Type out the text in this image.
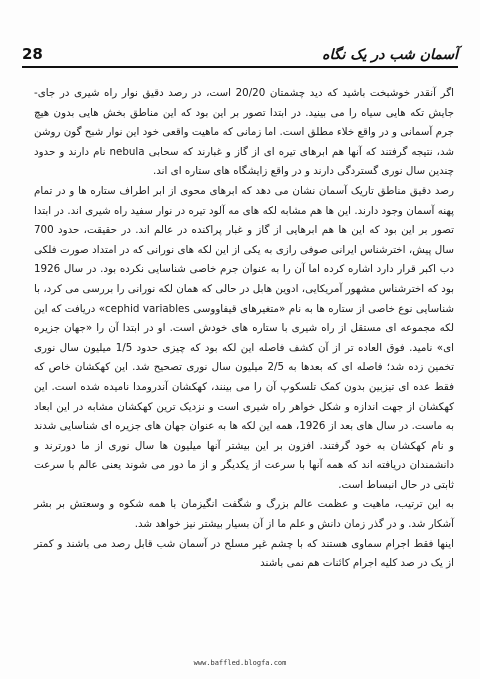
28	آسمان شب در یک نگاه

اگر آنقدر خوشبخت باشید که دید چشمتان 20/20 است، در رصد دقیق نوار راه شیری در جای- جایش تکه هایی سیاه را می بینید. در ابتدا تصور بر این بود که این مناطق بخش هایی بدون هیچ جرم آسمانی و در واقع خلاء مطلق است. اما زمانی که ماهیت واقعی خود این نوار شبح گون روشن شد، نتیجه گرفتند که آنها هم ابرهای تیره ای از گاز و غبارند که سحابی nebula نام دارند و حدود چندین سال نوری گستردگی دارند و در واقع زایشگاه های ستاره ای اند.

رصد دقیق مناطق تاریک آسمان نشان می دهد که ابرهای محوی از ابر اطراف ستاره ها و در تمام پهنه آسمان وجود دارند. این ها هم مشابه لکه های مه آلود تیره در نوار سفید راه شیری اند. در ابتدا تصور بر این بود که این ها هم ابرهایی از گاز و غبار پراکنده در عالم اند. در حقیقت، حدود 700 سال پیش، اخترشناس ایرانی صوفی رازی به یکی از این لکه های نورانی که در امتداد صورت فلکی دب اکبر قرار دارد اشاره کرده اما آن را به عنوان جرم خاصی شناسایی نکرده بود. در سال 1926 بود که اخترشناس مشهور آمریکایی، ادوین هابل در حالی که همان لکه نورانی را بررسی می کرد، با شناسایی نوع خاصی از ستاره ها به نام «متغیرهای قیفاووسی cephid variables» دریافت که این لکه مجموعه ای مستقل از راه شیری با ستاره های خودش است. او در ابتدا آن را «جهان جزیره ای» نامید. فوق العاده تر از آن کشف فاصله این لکه بود که چیزی حدود 1/5 میلیون سال نوری تخمین زده شد؛ فاصله ای که بعدها به 2/5 میلیون سال نوری تصحیح شد. این کهکشان خاص که فقط عده ای تیزبین بدون کمک تلسکوپ آن را می بینند، کهکشان آندرومدا نامیده شده است. این کهکشان از جهت اندازه و شکل خواهر راه شیری است و نزدیک ترین کهکشان مشابه در این ابعاد به ماست. در سال های بعد از 1926، همه این لکه ها به عنوان جهان های جزیره ای شناسایی شدند و نام کهکشان به خود گرفتند. افزون بر این بیشتر آنها میلیون ها سال نوری از ما دورترند و دانشمندان دریافته اند که همه آنها با سرعت از یکدیگر و از ما دور می شوند یعنی عالم با سرعت ثابتی در حال انبساط است.

به این ترتیب، ماهیت و عظمت عالم بزرگ و شگفت انگیزمان با همه شکوه و وسعتش بر بشر آشکار شد. و در گذر زمان دانش و علم ما از آن بسیار بیشتر نیز خواهد شد.

اینها فقط اجرام سماوی هستند که با چشم غیر مسلح در آسمان شب قابل رصد می باشند و کمتر از یک در صد کلیه اجرام کائنات هم نمی باشند

www.baffled.blogfa.com
